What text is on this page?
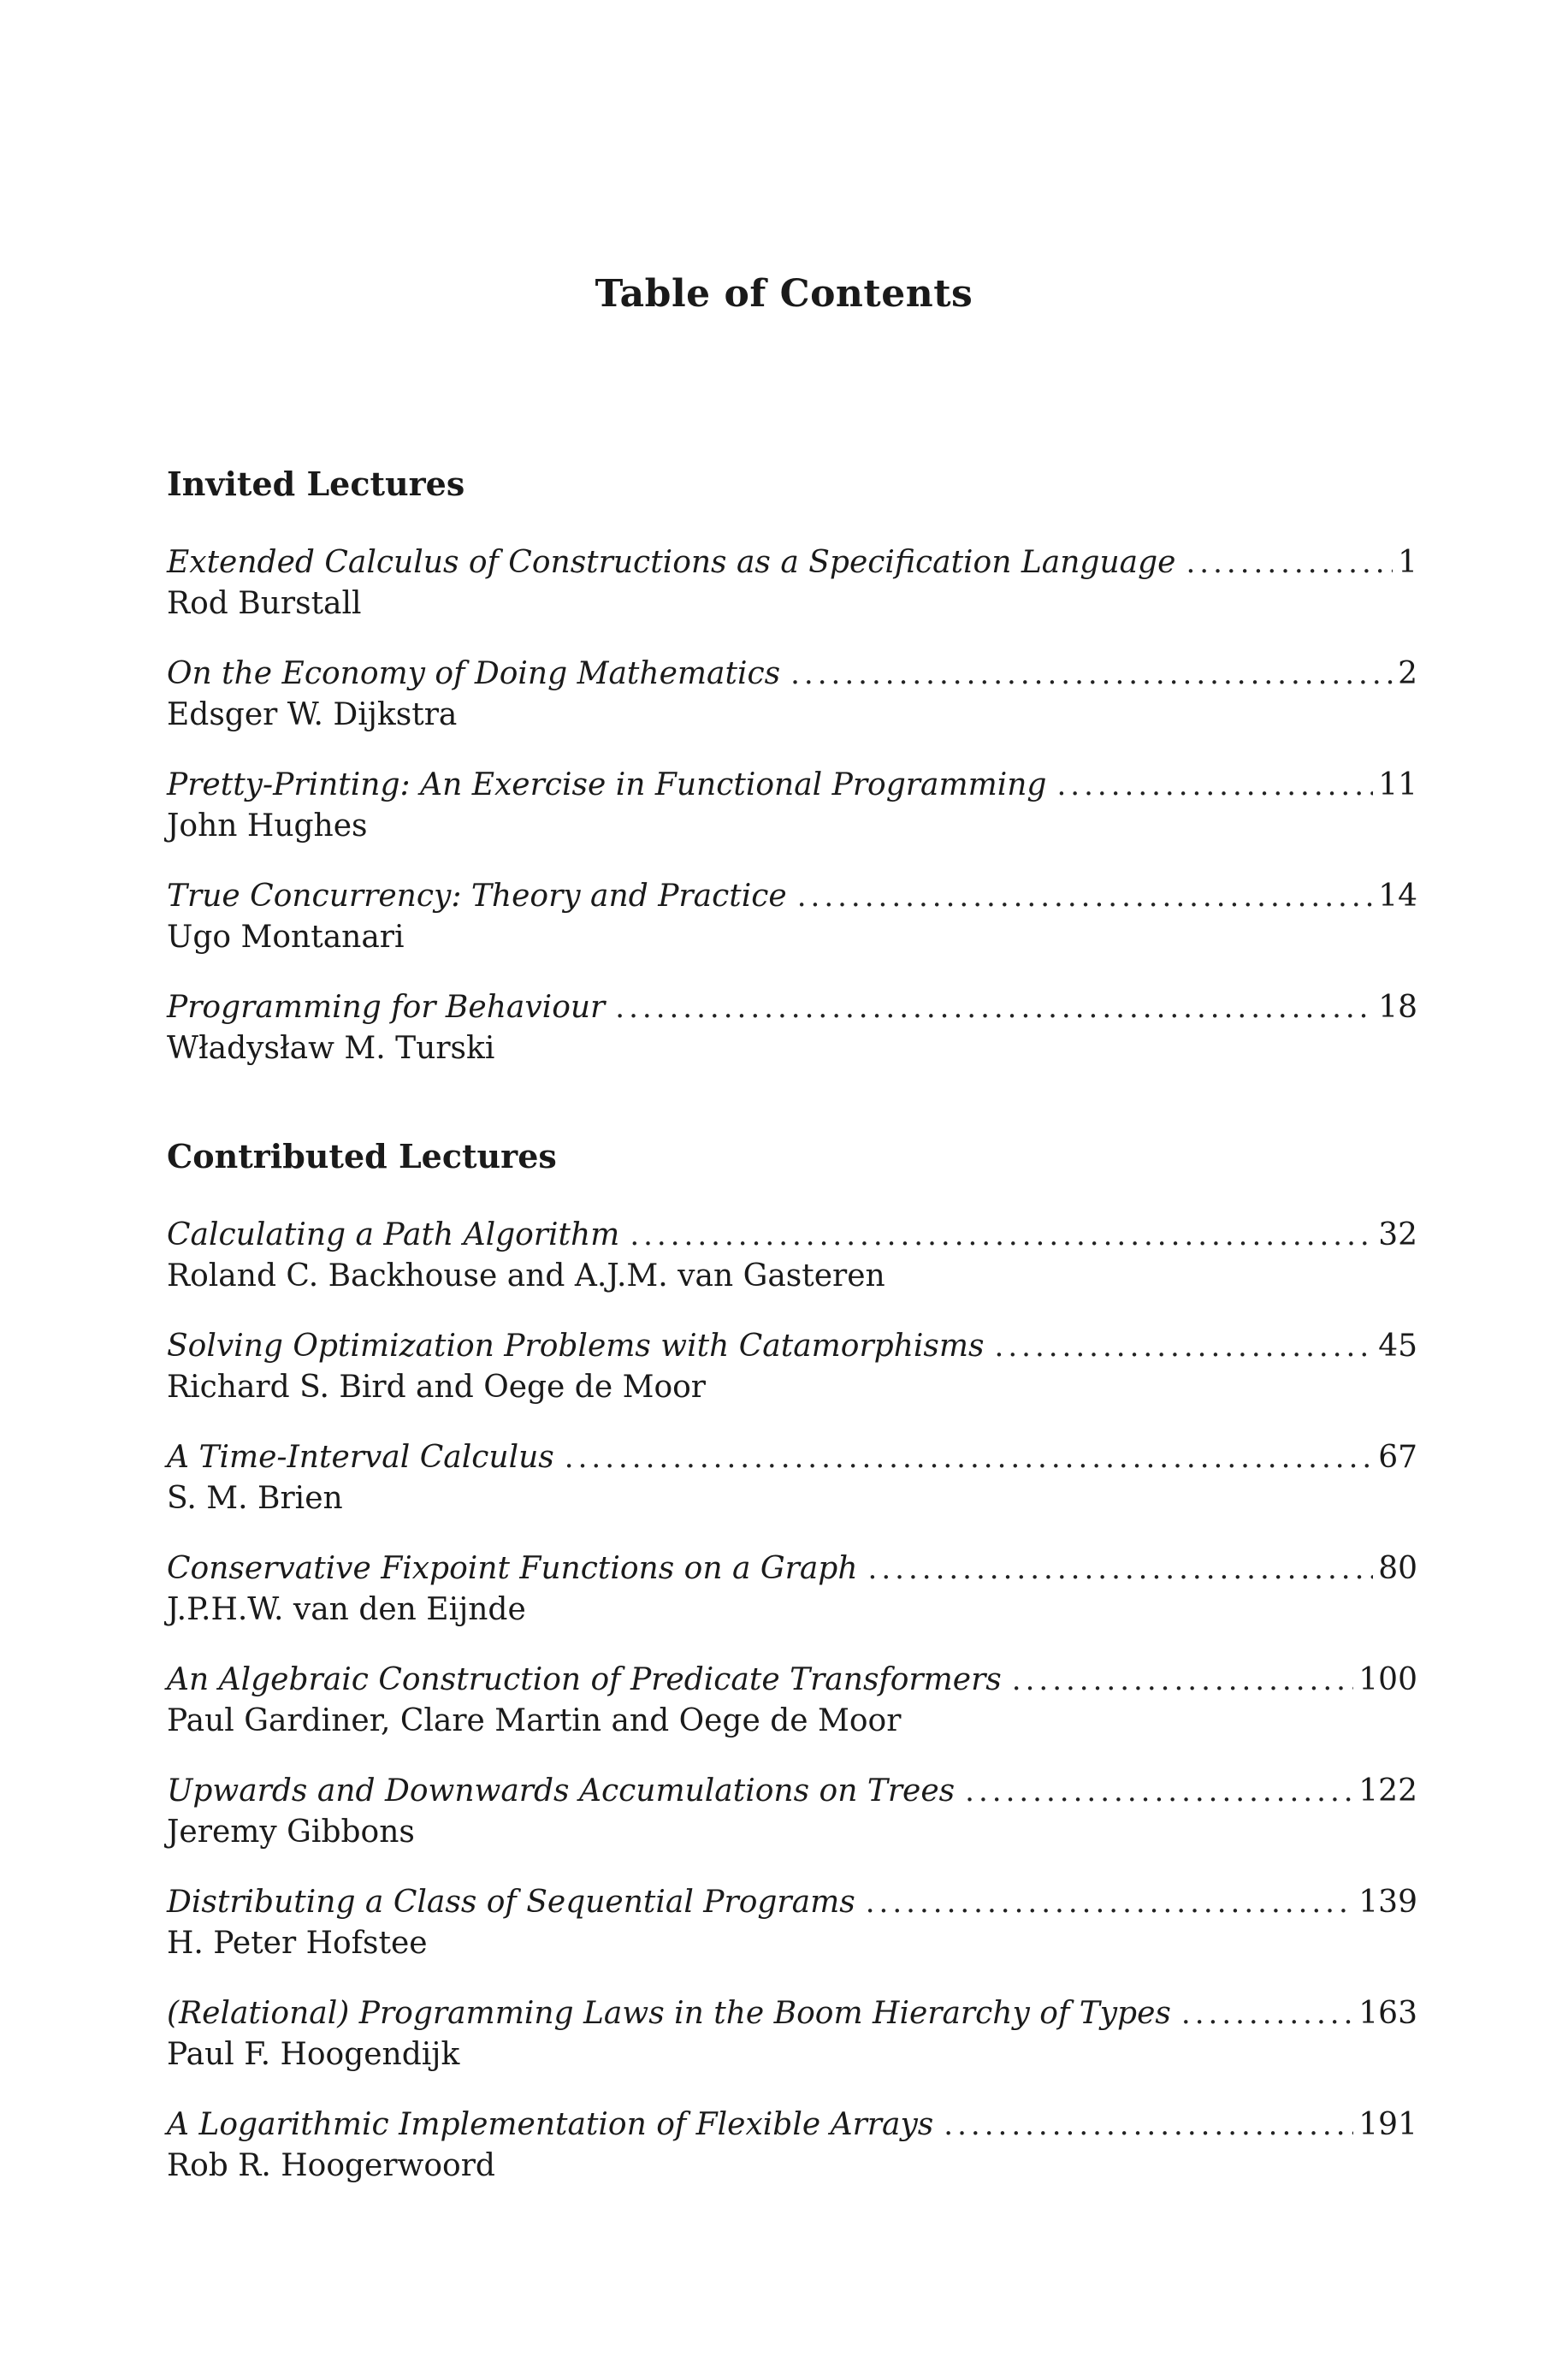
Table of Contents
Invited Lectures
Extended Calculus of Constructions as a Specification Language .....	1
Rod Burstall
On the Economy of Doing Mathematics .....	2
Edsger W. Dijkstra
Pretty-Printing: An Exercise in Functional Programming .....	11
John Hughes
True Concurrency: Theory and Practice .....	14
Ugo Montanari
Programming for Behaviour .....	18
Władysław M. Turski
Contributed Lectures
Calculating a Path Algorithm .....	32
Roland C. Backhouse and A.J.M. van Gasteren
Solving Optimization Problems with Catamorphisms .....	45
Richard S. Bird and Oege de Moor
A Time-Interval Calculus .....	67
S. M. Brien
Conservative Fixpoint Functions on a Graph .....	80
J.P.H.W. van den Eijnde
An Algebraic Construction of Predicate Transformers .....	100
Paul Gardiner, Clare Martin and Oege de Moor
Upwards and Downwards Accumulations on Trees .....	122
Jeremy Gibbons
Distributing a Class of Sequential Programs .....	139
H. Peter Hofstee
(Relational) Programming Laws in the Boom Hierarchy of Types .....	163
Paul F. Hoogendijk
A Logarithmic Implementation of Flexible Arrays .....	191
Rob R. Hoogerwoord
